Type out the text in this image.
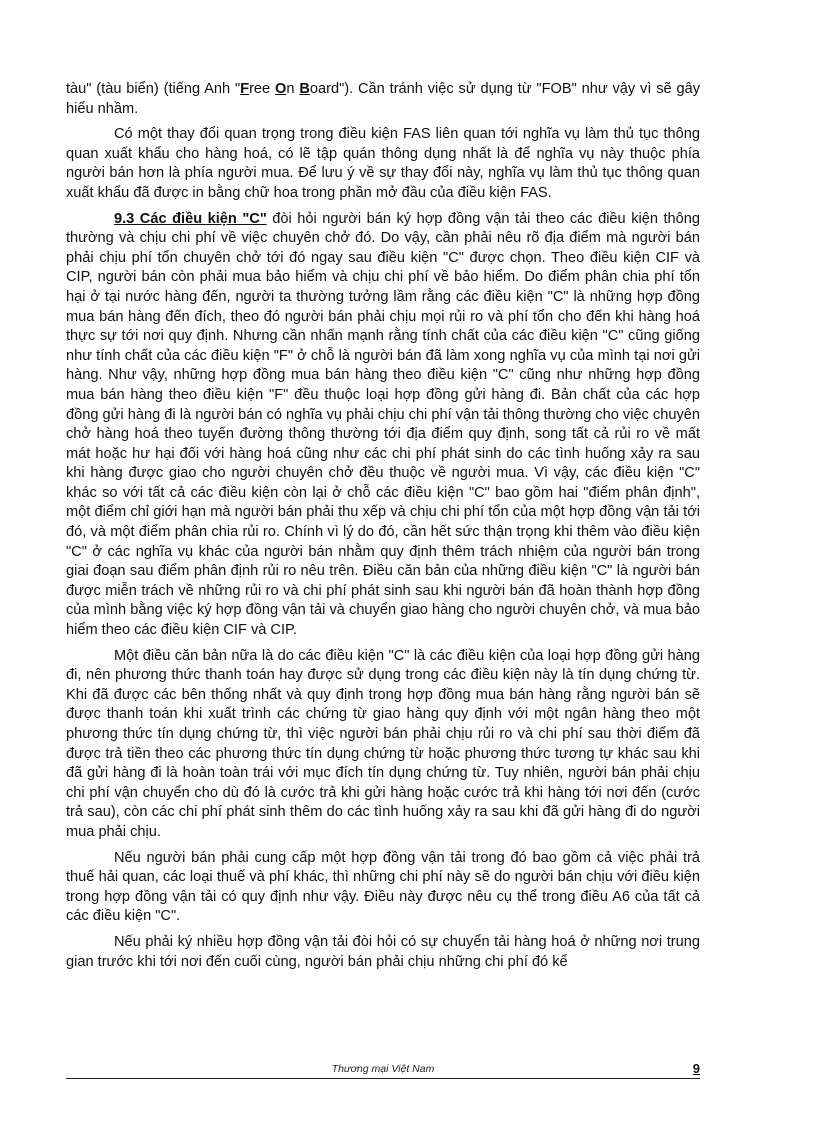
tàu" (tàu biển) (tiếng Anh "Free On Board"). Cần tránh việc sử dụng từ "FOB" như vậy vì sẽ gây hiểu nhầm.

Có một thay đổi quan trọng trong điều kiện FAS liên quan tới nghĩa vụ làm thủ tục thông quan xuất khẩu cho hàng hoá, có lẽ tập quán thông dụng nhất là để nghĩa vụ này thuộc phía người bán hơn là phía người mua. Để lưu ý về sự thay đổi này, nghĩa vụ làm thủ tục thông quan xuất khẩu đã được in bằng chữ hoa trong phần mở đầu của điều kiện FAS.

9.3 Các điều kiện "C" đòi hỏi người bán ký hợp đồng vận tải theo các điều kiện thông thường và chịu chi phí về việc chuyên chở đó. Do vậy, cần phải nêu rõ địa điểm mà người bán phải chịu phí tổn chuyên chở tới đó ngay sau điều kiện "C" được chọn. Theo điều kiện CIF và CIP, người bán còn phải mua bảo hiểm và chịu chi phí về bảo hiểm. Do điểm phân chia phí tổn hại ở tại nước hàng đến, người ta thường tưởng lầm rằng các điều kiện "C" là những hợp đồng mua bán hàng đến đích, theo đó người bán phải chịu mọi rủi ro và phí tổn cho đến khi hàng hoá thực sự tới nơi quy định. Nhưng cần nhấn mạnh rằng tính chất của các điều kiện "C" cũng giống như tính chất của các điều kiện "F" ở chỗ là người bán đã làm xong nghĩa vụ của mình tại nơi gửi hàng. Như vậy, những hợp đồng mua bán hàng theo điều kiện "C" cũng như những hợp đồng mua bán hàng theo điều kiện "F" đều thuộc loại hợp đồng gửi hàng đi. Bản chất của các hợp đồng gửi hàng đi là người bán có nghĩa vụ phải chịu chi phí vận tải thông thường cho việc chuyên chở hàng hoá theo tuyến đường thông thường tới địa điểm quy định, song tất cả rủi ro về mất mát hoặc hư hại đối với hàng hoá cũng như các chi phí phát sinh do các tình huống xảy ra sau khi hàng được giao cho người chuyên chở đều thuộc về người mua. Vì vậy, các điều kiện "C" khác so với tất cả các điều kiện còn lại ở chỗ các điều kiện "C" bao gồm hai "điểm phân định", một điểm chỉ giới hạn mà người bán phải thu xếp và chịu chi phí tổn của một hợp đồng vận tải tới đó, và một điểm phân chia rủi ro. Chính vì lý do đó, cần hết sức thận trọng khi thêm vào điều kiện "C" ở các nghĩa vụ khác của người bán nhằm quy định thêm trách nhiệm của người bán trong giai đoạn sau điểm phân định rủi ro nêu trên. Điều căn bản của những điều kiện "C" là người bán được miễn trách về những rủi ro và chi phí phát sinh sau khi người bán đã hoàn thành hợp đồng của mình bằng việc ký hợp đồng vận tải và chuyển giao hàng cho người chuyên chở, và mua bảo hiểm theo các điều kiện CIF và CIP.

Một điều căn bản nữa là do các điều kiện "C" là các điều kiện của loại hợp đồng gửi hàng đi, nên phương thức thanh toán hay được sử dụng trong các điều kiện này là tín dụng chứng từ. Khi đã được các bên thống nhất và quy định trong hợp đồng mua bán hàng rằng người bán sẽ được thanh toán khi xuất trình các chứng từ giao hàng quy định với một ngân hàng theo một phương thức tín dụng chứng từ, thì việc người bán phải chịu rủi ro và chi phí sau thời điểm đã được trả tiền theo các phương thức tín dụng chứng từ hoặc phương thức tương tự khác sau khi đã gửi hàng đi là hoàn toàn trái với mục đích tín dụng chứng từ. Tuy nhiên, người bán phải chịu chi phí vận chuyển cho dù đó là cước trả khi gửi hàng hoặc cước trả khi hàng tới nơi đến (cước trả sau), còn các chi phí phát sinh thêm do các tình huống xảy ra sau khi đã gửi hàng đi do người mua phải chịu.

Nếu người bán phải cung cấp một hợp đồng vận tải trong đó bao gồm cả việc phải trả thuế hải quan, các loại thuế và phí khác, thì những chi phí này sẽ do người bán chịu với điều kiện trong hợp đồng vận tải có quy định như vậy. Điều này được nêu cụ thể trong điều A6 của tất cả các điều kiện "C".

Nếu phải ký nhiều hợp đồng vận tải đòi hỏi có sự chuyển tải hàng hoá ở những nơi trung gian trước khi tới nơi đến cuối cùng, người bán phải chịu những chi phí đó kể

Thương mại Việt Nam	9
